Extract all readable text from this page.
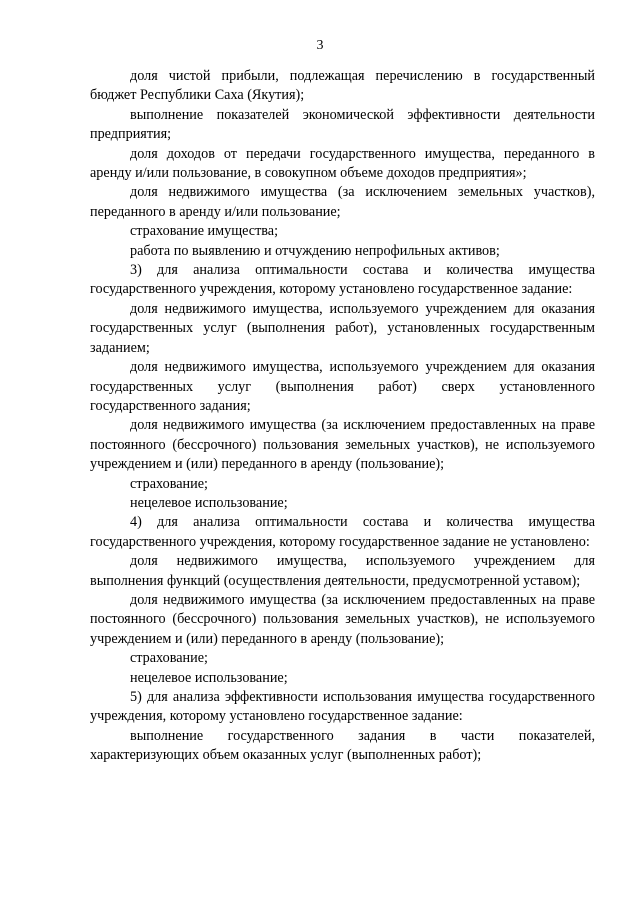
3

доля чистой прибыли, подлежащая перечислению в государственный бюджет Республики Саха (Якутия);

выполнение показателей экономической эффективности деятельности предприятия;

доля доходов от передачи государственного имущества, переданного в аренду и/или пользование, в совокупном объеме доходов предприятия»;

доля недвижимого имущества (за исключением земельных участков), переданного в аренду и/или пользование;

страхование имущества;

работа по выявлению и отчуждению непрофильных активов;

3) для анализа оптимальности состава и количества имущества государственного учреждения, которому установлено государственное задание:

доля недвижимого имущества, используемого учреждением для оказания государственных услуг (выполнения работ), установленных государственным заданием;

доля недвижимого имущества, используемого учреждением для оказания государственных услуг (выполнения работ) сверх установленного государственного задания;

доля недвижимого имущества (за исключением предоставленных на праве постоянного (бессрочного) пользования земельных участков), не используемого учреждением и (или) переданного в аренду (пользование);

страхование;

нецелевое использование;

4) для анализа оптимальности состава и количества имущества государственного учреждения, которому государственное задание не установлено:

доля недвижимого имущества, используемого учреждением для выполнения функций (осуществления деятельности, предусмотренной уставом);

доля недвижимого имущества (за исключением предоставленных на праве постоянного (бессрочного) пользования земельных участков), не используемого учреждением и (или) переданного в аренду (пользование);

страхование;

нецелевое использование;

5) для анализа эффективности использования имущества государственного учреждения, которому установлено государственное задание:

выполнение государственного задания в части показателей, характеризующих объем оказанных услуг (выполненных работ);
